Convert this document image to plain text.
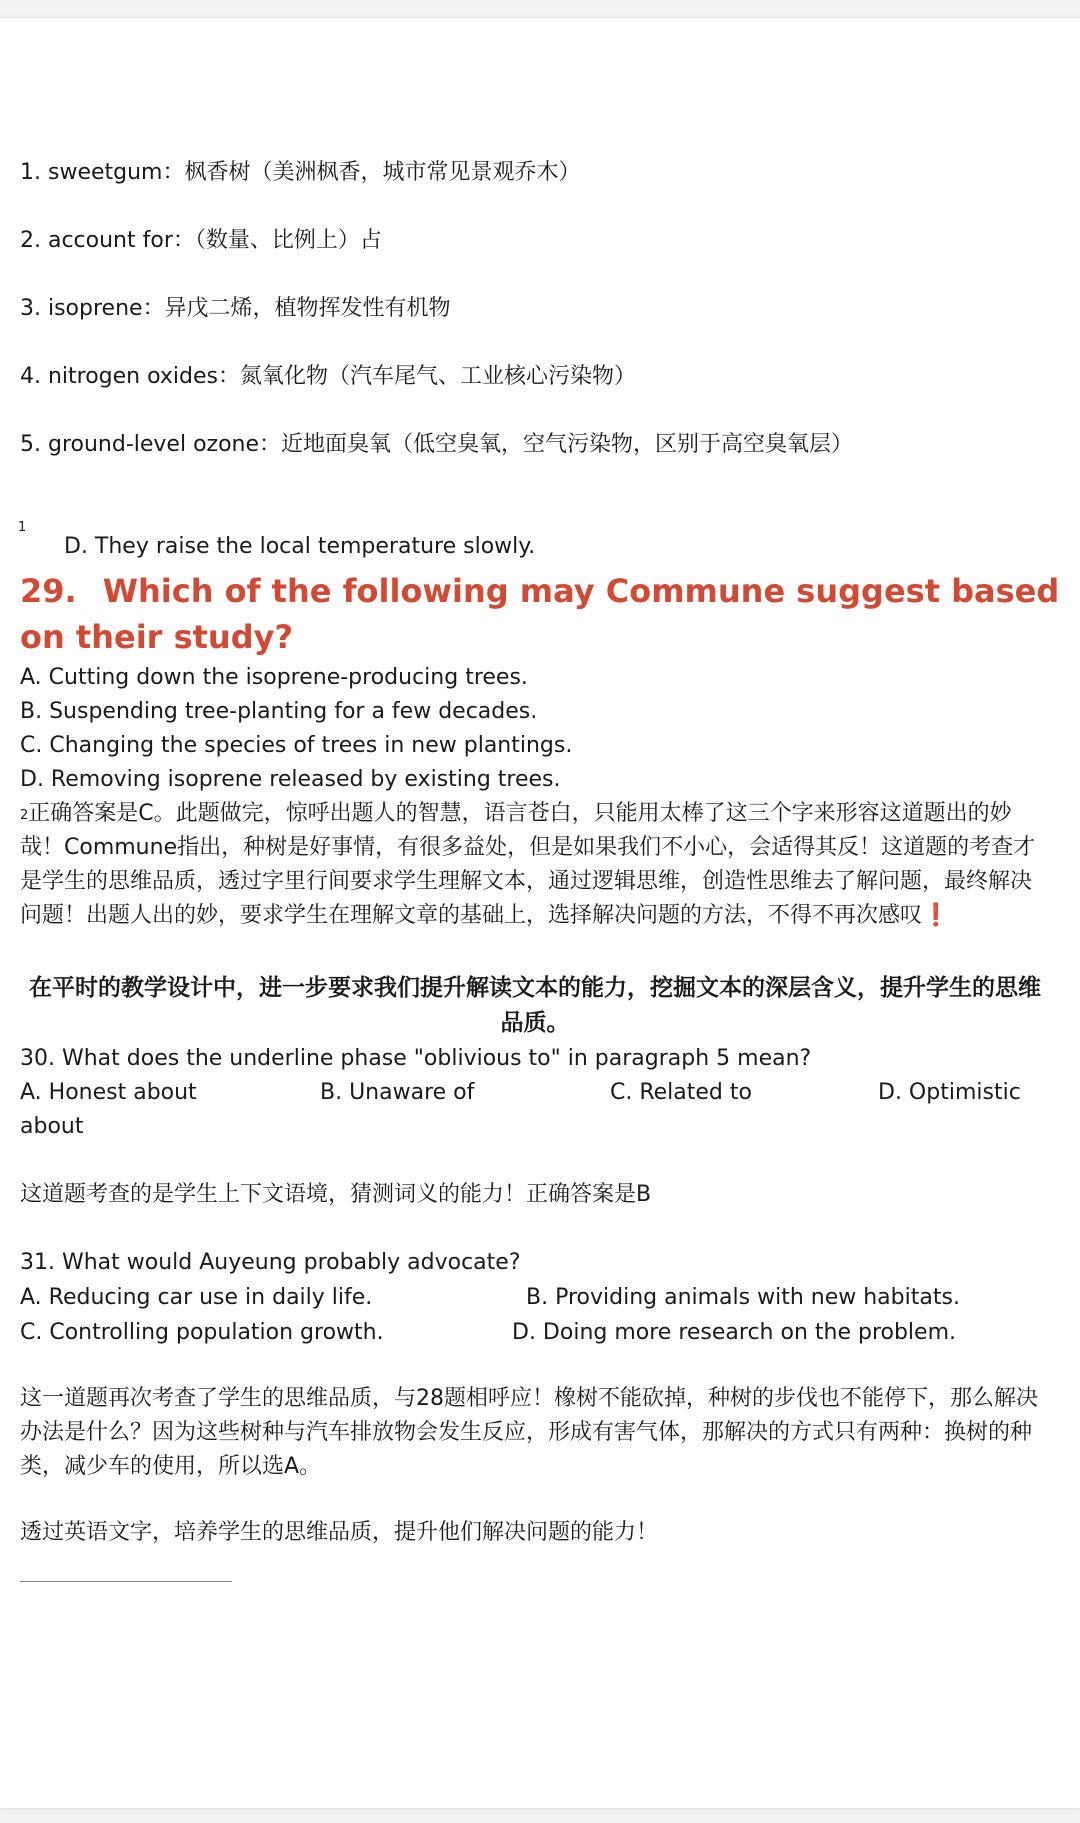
1. sweetgum：枫香树（美洲枫香，城市常见景观乔木）
2. account for：（数量、比例上）占
3. isoprene：异戊二烯，植物挥发性有机物
4. nitrogen oxides：氮氧化物（汽车尾气、工业核心污染物）
5. ground-level ozone：近地面臭氧（低空臭氧，空气污染物，区别于高空臭氧层）
1
D. They raise the local temperature slowly.
29. Which of the following may Commune suggest based on their study?
A. Cutting down the isoprene-producing trees.
B. Suspending tree-planting for a few decades.
C. Changing the species of trees in new plantings.
D. Removing isoprene released by existing trees.
$^2$正确答案是C。此题做完，惊呼出题人的智慧，语言苍白，只能用太棒了这三个字来形容这道题出的妙哉！Commune指出，种树是好事情，有很多益处，但是如果我们不小心，会适得其反！这道题的考查才是学生的思维品质，透过字里行间要求学生理解文本，通过逻辑思维，创造性思维去了解问题，最终解决问题！出题人出的妙，要求学生在理解文章的基础上，选择解决问题的方法，不得不再次感叹❗
在平时的教学设计中，进一步要求我们提升解读文本的能力，挖掘文本的深层含义，提升学生的思维品质。
30. What does the underline phase "oblivious to" in paragraph 5 mean?
A. Honest about	B. Unaware of	C. Related to	D. Optimistic
about
这道题考查的是学生上下文语境，猜测词义的能力！正确答案是B
31. What would Auyeung probably advocate?
A. Reducing car use in daily life.	B. Providing animals with new habitats.
C. Controlling population growth.	D. Doing more research on the problem.
这一道题再次考查了学生的思维品质，与28题相呼应！橡树不能砍掉，种树的步伐也不能停下，那么解决办法是什么？因为这些树种与汽车排放物会发生反应，形成有害气体，那解决的方式只有两种：换树的种类，减少车的使用，所以选A。
透过英语文字，培养学生的思维品质，提升他们解决问题的能力！
